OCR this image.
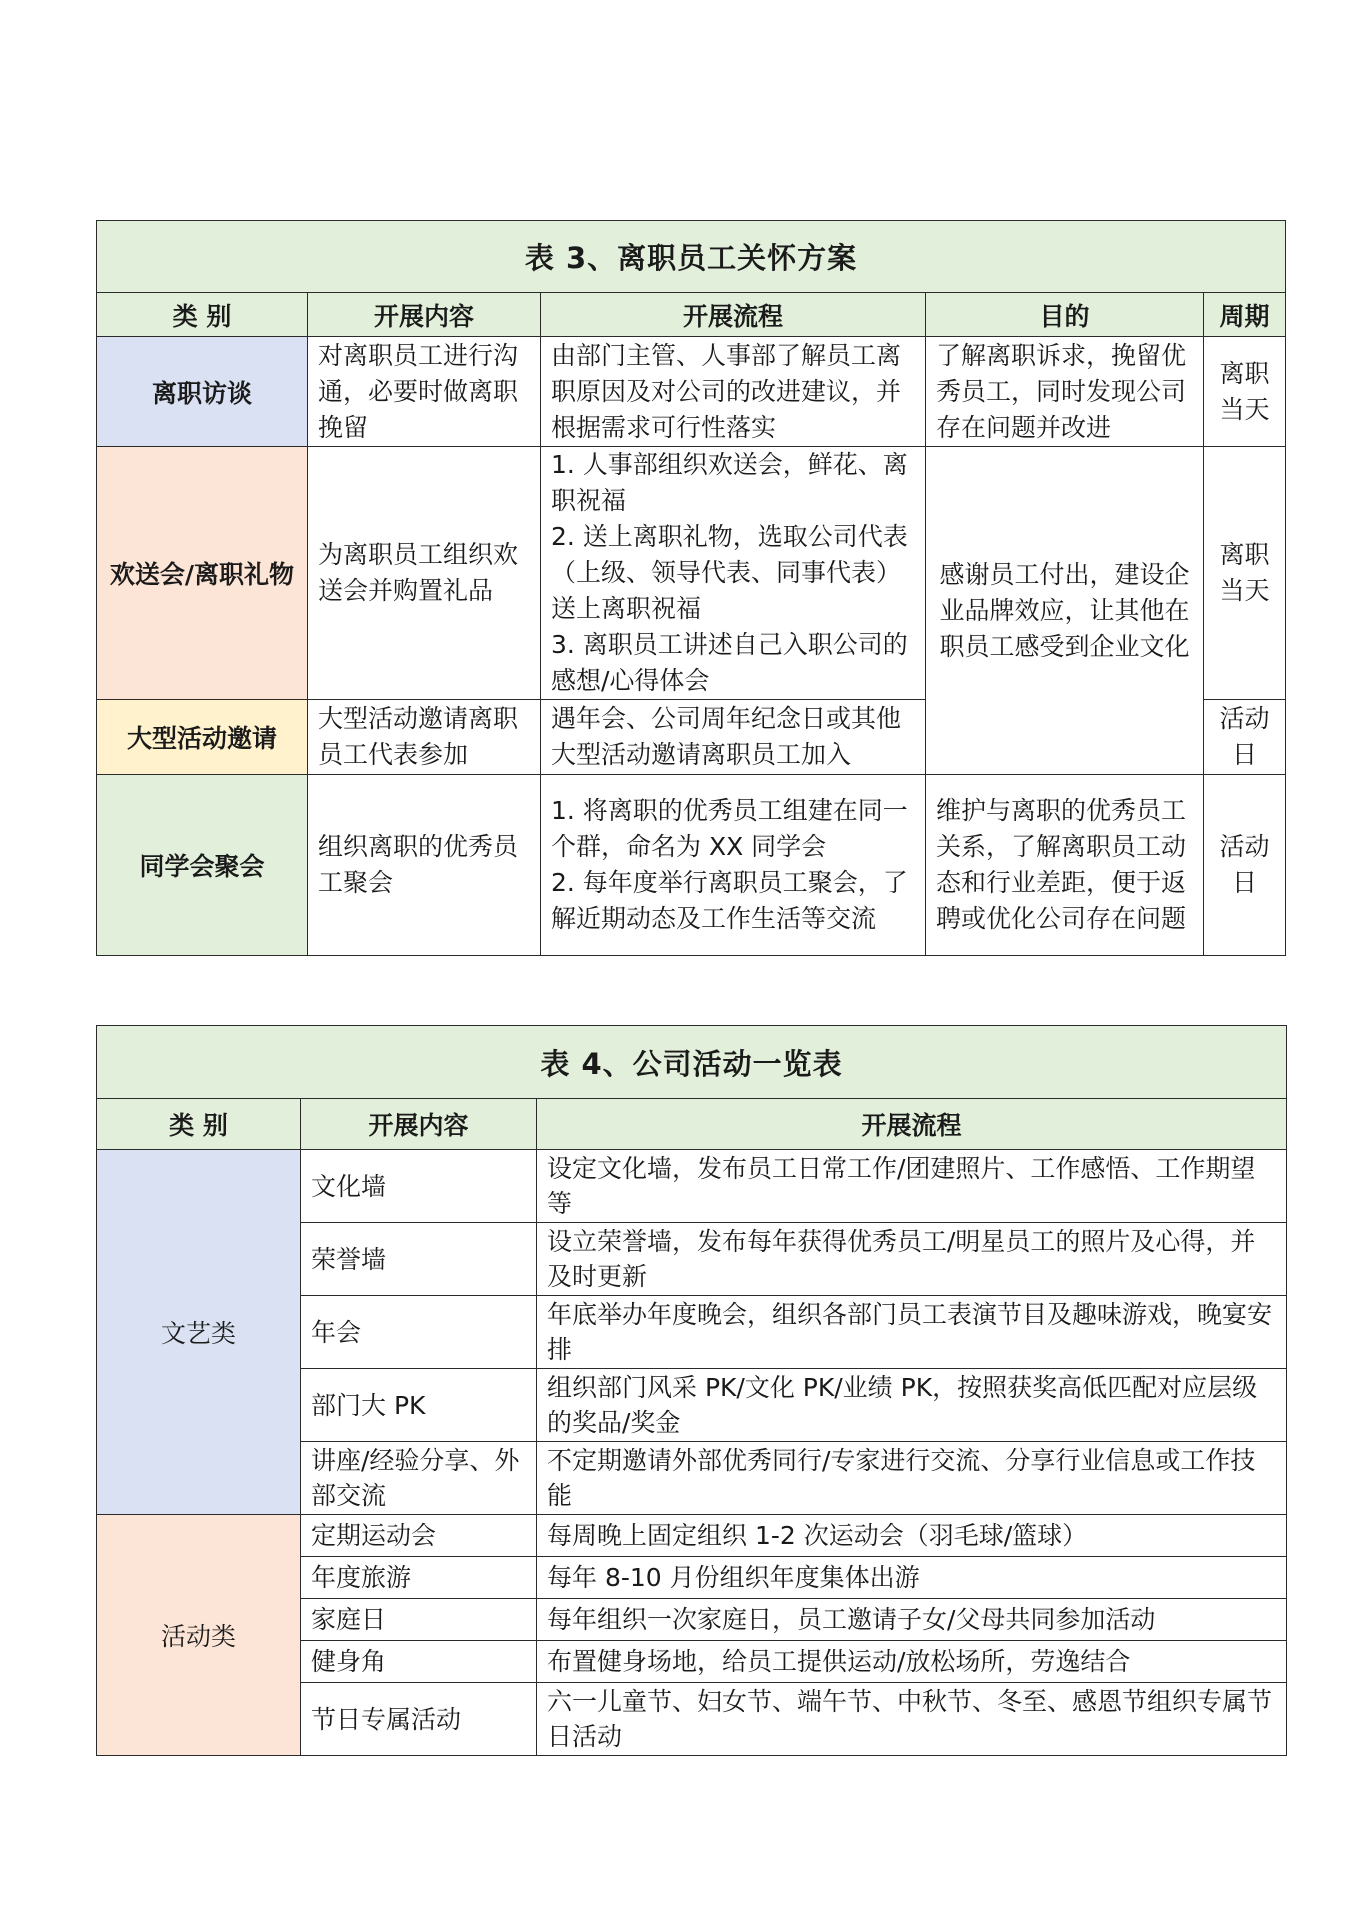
表 3、离职员工关怀方案				
类 别	开展内容	开展流程	目的	周期
离职访谈	对离职员工进行沟通，必要时做离职挽留	由部门主管、人事部了解员工离职原因及对公司的改进建议，并根据需求可行性落实	了解离职诉求，挽留优秀员工，同时发现公司存在问题并改进	离职当天
欢送会/离职礼物	为离职员工组织欢送会并购置礼品	1. 人事部组织欢送会，鲜花、离职祝福
2. 送上离职礼物，选取公司代表（上级、领导代表、同事代表）送上离职祝福
3. 离职员工讲述自己入职公司的感想/心得体会	感谢员工付出，建设企业品牌效应，让其他在职员工感受到企业文化	离职当天
大型活动邀请	大型活动邀请离职员工代表参加	遇年会、公司周年纪念日或其他大型活动邀请离职员工加入		活动日
同学会聚会	组织离职的优秀员工聚会	1. 将离职的优秀员工组建在同一个群，命名为 XX 同学会
2. 每年度举行离职员工聚会，了解近期动态及工作生活等交流	维护与离职的优秀员工关系，了解离职员工动态和行业差距，便于返聘或优化公司存在问题	活动日
表 4、公司活动一览表		
类 别	开展内容	开展流程
文艺类	文化墙	设定文化墙，发布员工日常工作/团建照片、工作感悟、工作期望等
	荣誉墙	设立荣誉墙，发布每年获得优秀员工/明星员工的照片及心得，并及时更新
	年会	年底举办年度晚会，组织各部门员工表演节目及趣味游戏，晚宴安排
	部门大 PK	组织部门风采 PK/文化 PK/业绩 PK，按照获奖高低匹配对应层级的奖品/奖金
	讲座/经验分享、外部交流	不定期邀请外部优秀同行/专家进行交流、分享行业信息或工作技能
活动类	定期运动会	每周晚上固定组织 1-2 次运动会（羽毛球/篮球）
	年度旅游	每年 8-10 月份组织年度集体出游
	家庭日	每年组织一次家庭日，员工邀请子女/父母共同参加活动
	健身角	布置健身场地，给员工提供运动/放松场所，劳逸结合
	节日专属活动	六一儿童节、妇女节、端午节、中秋节、冬至、感恩节组织专属节日活动
